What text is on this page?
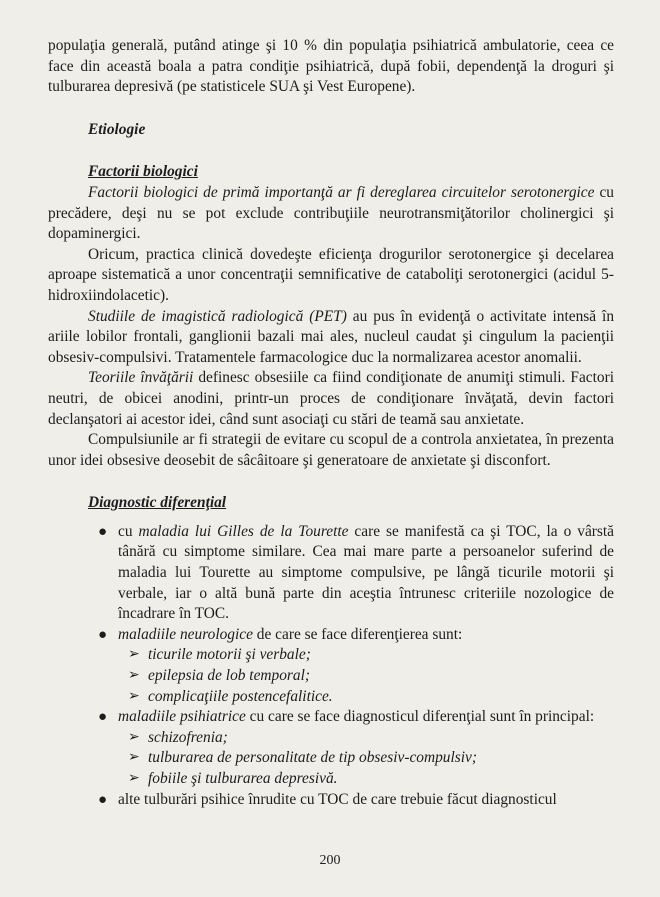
populaţia generală, putând atinge şi 10 % din populaţia psihiatrică ambulatorie, ceea ce face din această boala a patra condiţie psihiatrică, după fobii, dependenţă la droguri şi tulburarea depresivă (pe statisticele SUA şi Vest Europene).

Etiologie

Factorii biologici

Factorii biologici de primă importanţă ar fi dereglarea circuitelor serotonergice cu precădere, deşi nu se pot exclude contribuţiile neurotransmiţătorilor cholinergici şi dopaminergici.

Oricum, practica clinică dovedeşte eficienţa drogurilor serotonergice şi decelarea aproape sistematică a unor concentraţii semnificative de cataboliţi serotonergici (acidul 5-hidroxiindolacetic).

Studiile de imagistică radiologică (PET) au pus în evidenţă o activitate intensă în ariile lobilor frontali, ganglionii bazali mai ales, nucleul caudat şi cingulum la pacienţii obsesiv-compulsivi. Tratamentele farmacologice duc la normalizarea acestor anomalii.

Teoriile învăţării definesc obsesiile ca fiind condiţionate de anumiţi stimuli. Factori neutri, de obicei anodini, printr-un proces de condiţionare învăţată, devin factori declanşatori ai acestor idei, când sunt asociaţi cu stări de teamă sau anxietate.

Compulsiunile ar fi strategii de evitare cu scopul de a controla anxietatea, în prezenta unor idei obsesive deosebit de sâcâitoare şi generatoare de anxietate şi disconfort.

Diagnostic diferenţial

● cu maladia lui Gilles de la Tourette care se manifestă ca şi TOC, la o vârstă tânără cu simptome similare. Cea mai mare parte a persoanelor suferind de maladia lui Tourette au simptome compulsive, pe lângă ticurile motorii şi verbale, iar o altă bună parte din aceştia întrunesc criteriile nozologice de încadrare în TOC.

● maladiile neurologice de care se face diferenţierea sunt:

➢ ticurile motorii şi verbale;

➢ epilepsia de lob temporal;

➢ complicaţiile postencefalitice.

● maladiile psihiatrice cu care se face diagnosticul diferenţial sunt în principal:

➢ schizofrenia;

➢ tulburarea de personalitate de tip obsesiv-compulsiv;

➢ fobiile şi tulburarea depresivă.

● alte tulburări psihice înrudite cu TOC de care trebuie făcut diagnosticul

200
